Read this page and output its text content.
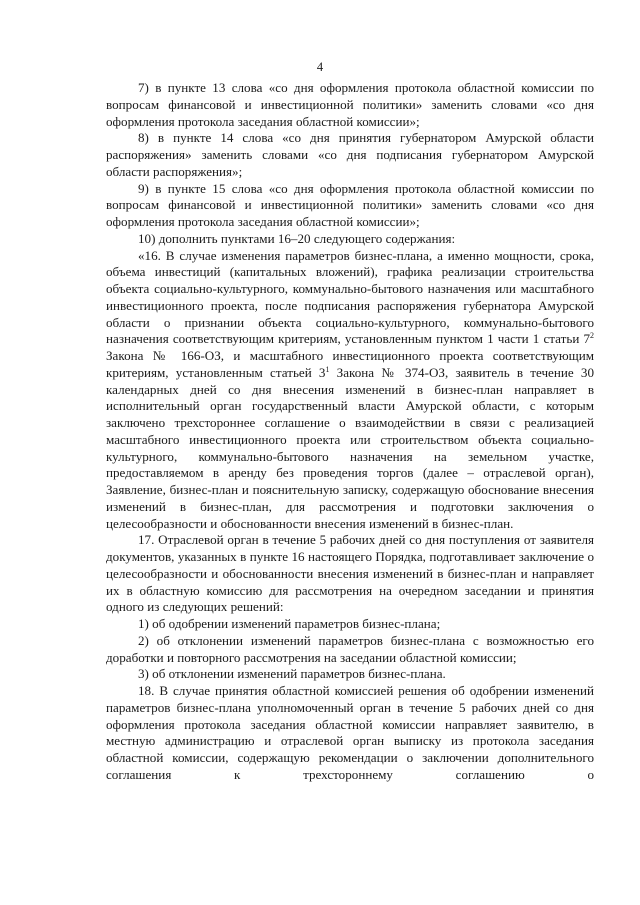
4

7) в пункте 13 слова «со дня оформления протокола областной комиссии по вопросам финансовой и инвестиционной политики» заменить словами «со дня оформления протокола заседания областной комиссии»;

8) в пункте 14 слова «со дня принятия губернатором Амурской области распоряжения» заменить словами «со дня подписания губернатором Амурской области распоряжения»;

9) в пункте 15 слова «со дня оформления протокола областной комиссии по вопросам финансовой и инвестиционной политики» заменить словами «со дня оформления протокола заседания областной комиссии»;

10) дополнить пунктами 16–20 следующего содержания:

«16. В случае изменения параметров бизнес-плана, а именно мощности, срока, объема инвестиций (капитальных вложений), графика реализации строительства объекта социально-культурного, коммунально-бытового назначения или масштабного инвестиционного проекта, после подписания распоряжения губернатора Амурской области о признании объекта социально-культурного, коммунально-бытового назначения соответствующим критериям, установленным пунктом 1 части 1 статьи $7^2$ Закона № 166-ОЗ, и масштабного инвестиционного проекта соответствующим критериям, установленным статьей $3^1$ Закона № 374-ОЗ, заявитель в течение 30 календарных дней со дня внесения изменений в бизнес-план направляет в исполнительный орган государственный власти Амурской области, с которым заключено трехстороннее соглашение о взаимодействии в связи с реализацией масштабного инвестиционного проекта или строительством объекта социально-культурного, коммунально-бытового назначения на земельном участке, предоставляемом в аренду без проведения торгов (далее – отраслевой орган), Заявление, бизнес-план и пояснительную записку, содержащую обоснование внесения изменений в бизнес-план, для рассмотрения и подготовки заключения о целесообразности и обоснованности внесения изменений в бизнес-план.

17. Отраслевой орган в течение 5 рабочих дней со дня поступления от заявителя документов, указанных в пункте 16 настоящего Порядка, подготавливает заключение о целесообразности и обоснованности внесения изменений в бизнес-план и направляет их в областную комиссию для рассмотрения на очередном заседании и принятия одного из следующих решений:

1) об одобрении изменений параметров бизнес-плана;

2) об отклонении изменений параметров бизнес-плана с возможностью его доработки и повторного рассмотрения на заседании областной комиссии;

3) об отклонении изменений параметров бизнес-плана.

18. В случае принятия областной комиссией решения об одобрении изменений параметров бизнес-плана уполномоченный орган в течение 5 рабочих дней со дня оформления протокола заседания областной комиссии направляет заявителю, в местную администрацию и отраслевой орган выписку из протокола заседания областной комиссии, содержащую рекомендации о заключении дополнительного соглашения к трехстороннему соглашению о
